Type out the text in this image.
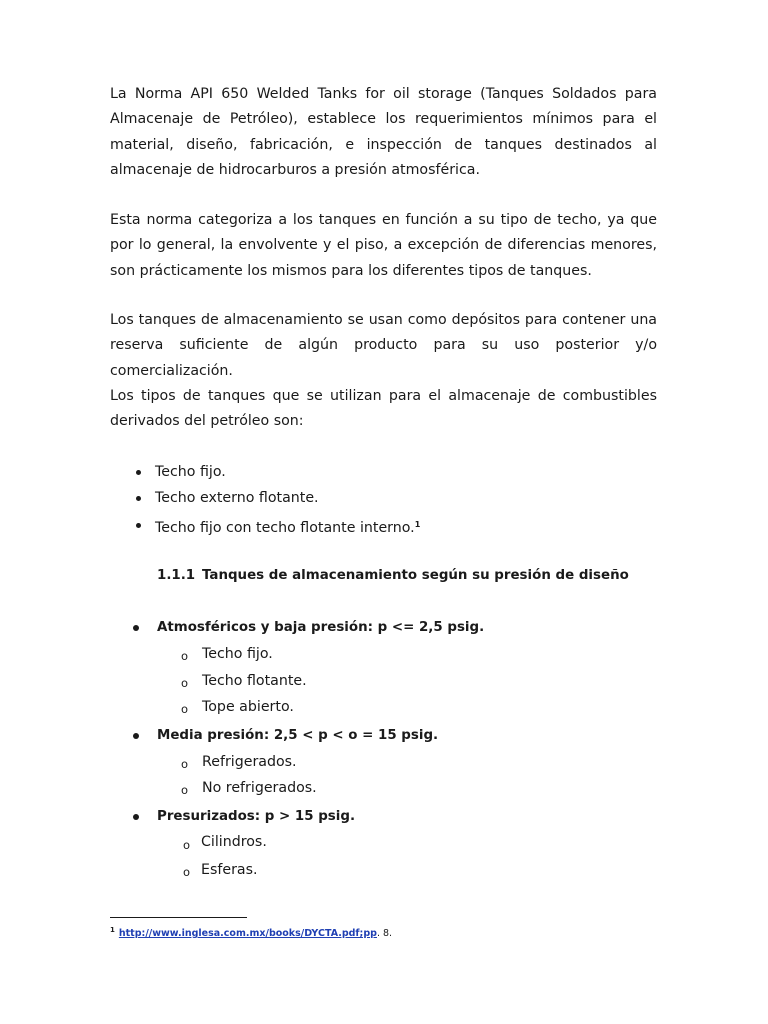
La Norma API 650 Welded Tanks for oil storage (Tanques Soldados para Almacenaje de Petróleo), establece los requerimientos mínimos para el material, diseño, fabricación, e inspección de tanques destinados al almacenaje de hidrocarburos a presión atmosférica.

Esta norma categoriza a los tanques en función a su tipo de techo, ya que por lo general, la envolvente y el piso, a excepción de diferencias menores, son prácticamente los mismos para los diferentes tipos de tanques.

Los tanques de almacenamiento se usan como depósitos para contener una reserva suficiente de algún producto para su uso posterior y/o comercialización.

Los tipos de tanques que se utilizan para el almacenaje de combustibles derivados del petróleo son:

Techo fijo.
Techo externo flotante.
Techo fijo con techo flotante interno.$^1$
1.1.1 Tanques de almacenamiento según su presión de diseño
Atmosféricos y baja presión: p <= 2,5 psig.
o Techo fijo.
o Techo flotante.
o Tope abierto.
Media presión: 2,5 < p < o = 15 psig.
o Refrigerados.
o No refrigerados.
Presurizados: p > 15 psig.
o Cilindros.
o Esferas.
$^1$ http://www.inglesa.com.mx/books/DYCTA.pdf;pp. 8.
